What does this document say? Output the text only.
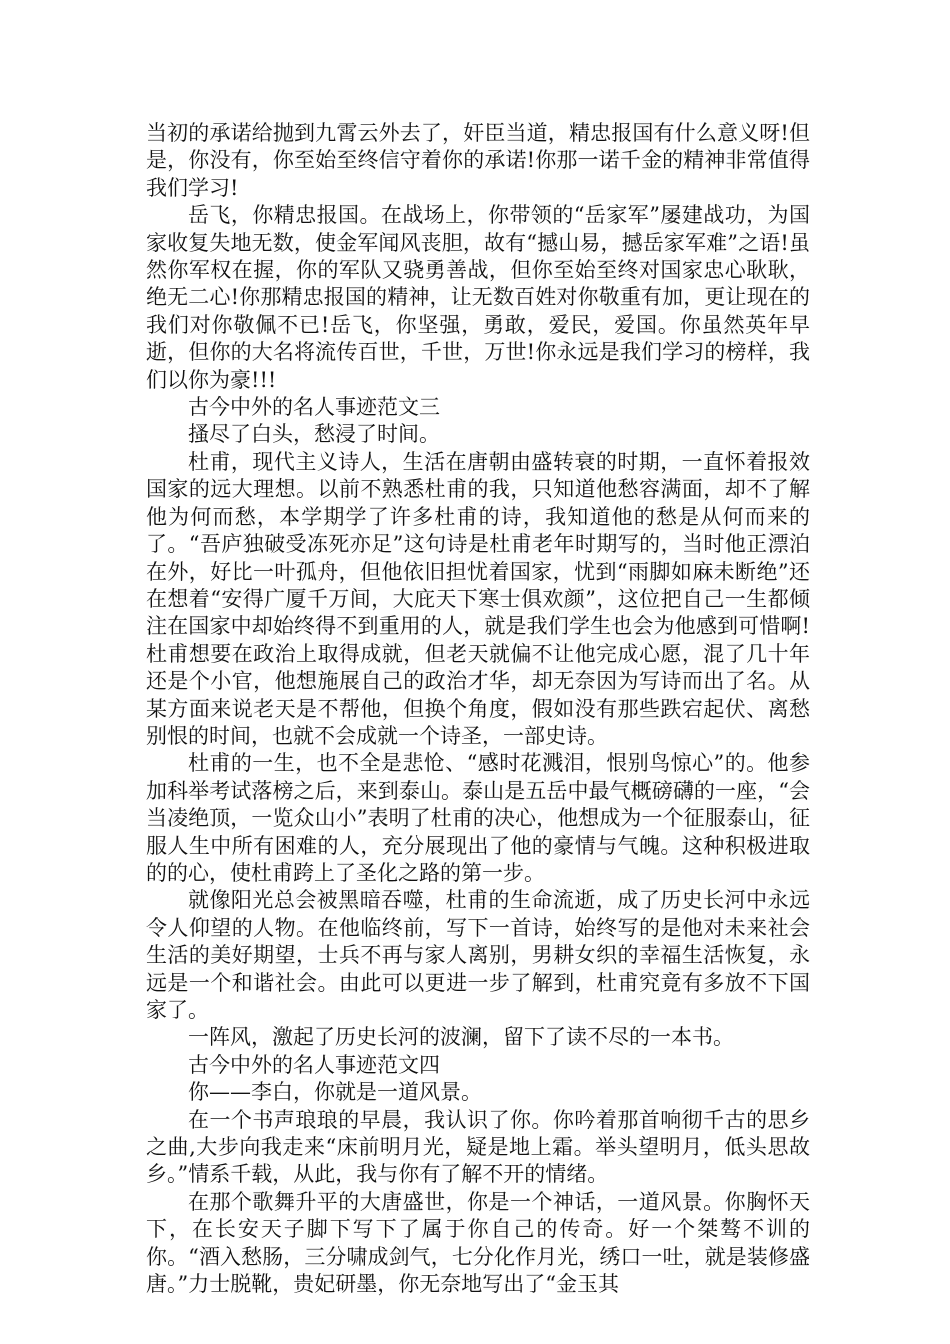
当初的承诺给抛到九霄云外去了，奸臣当道，精忠报国有什么意义呀!但是，你没有，你至始至终信守着你的承诺!你那一诺千金的精神非常值得我们学习!

岳飞，你精忠报国。在战场上，你带领的“岳家军”屡建战功，为国家收复失地无数，使金军闻风丧胆，故有“撼山易，撼岳家军难”之语!虽然你军权在握，你的军队又骁勇善战，但你至始至终对国家忠心耿耿，绝无二心!你那精忠报国的精神，让无数百姓对你敬重有加，更让现在的我们对你敬佩不已!岳飞，你坚强，勇敢，爱民，爱国。你虽然英年早逝，但你的大名将流传百世，千世，万世!你永远是我们学习的榜样，我们以你为豪!!!

古今中外的名人事迹范文三

搔尽了白头，愁浸了时间。

杜甫，现代主义诗人，生活在唐朝由盛转衰的时期，一直怀着报效国家的远大理想。以前不熟悉杜甫的我，只知道他愁容满面，却不了解他为何而愁，本学期学了许多杜甫的诗，我知道他的愁是从何而来的了。“吾庐独破受冻死亦足”这句诗是杜甫老年时期写的，当时他正漂泊在外，好比一叶孤舟，但他依旧担忧着国家，忧到“雨脚如麻未断绝”还在想着“安得广厦千万间，大庇天下寒士俱欢颜”，这位把自己一生都倾注在国家中却始终得不到重用的人，就是我们学生也会为他感到可惜啊!杜甫想要在政治上取得成就，但老天就偏不让他完成心愿，混了几十年还是个小官，他想施展自己的政治才华，却无奈因为写诗而出了名。从某方面来说老天是不帮他，但换个角度，假如没有那些跌宕起伏、离愁别恨的时间，也就不会成就一个诗圣，一部史诗。

杜甫的一生，也不全是悲怆、“感时花溅泪，恨别鸟惊心”的。他参加科举考试落榜之后，来到泰山。泰山是五岳中最气概磅礴的一座，“会当凌绝顶，一览众山小”表明了杜甫的决心，他想成为一个征服泰山，征服人生中所有困难的人，充分展现出了他的豪情与气魄。这种积极进取的的心，使杜甫跨上了圣化之路的第一步。

就像阳光总会被黑暗吞噬，杜甫的生命流逝，成了历史长河中永远令人仰望的人物。在他临终前，写下一首诗，始终写的是他对未来社会生活的美好期望，士兵不再与家人离别，男耕女织的幸福生活恢复，永远是一个和谐社会。由此可以更进一步了解到，杜甫究竟有多放不下国家了。

一阵风，激起了历史长河的波澜，留下了读不尽的一本书。

古今中外的名人事迹范文四

你——李白，你就是一道风景。

在一个书声琅琅的早晨，我认识了你。你吟着那首响彻千古的思乡之曲,大步向我走来“床前明月光，疑是地上霜。举头望明月，低头思故乡。”情系千载，从此，我与你有了解不开的情绪。

在那个歌舞升平的大唐盛世，你是一个神话，一道风景。你胸怀天下，在长安天子脚下写下了属于你自己的传奇。好一个桀骜不训的你。“酒入愁肠，三分啸成剑气，七分化作月光，绣口一吐，就是装修盛唐。”力士脱靴，贵妃研墨，你无奈地写出了“金玉其
